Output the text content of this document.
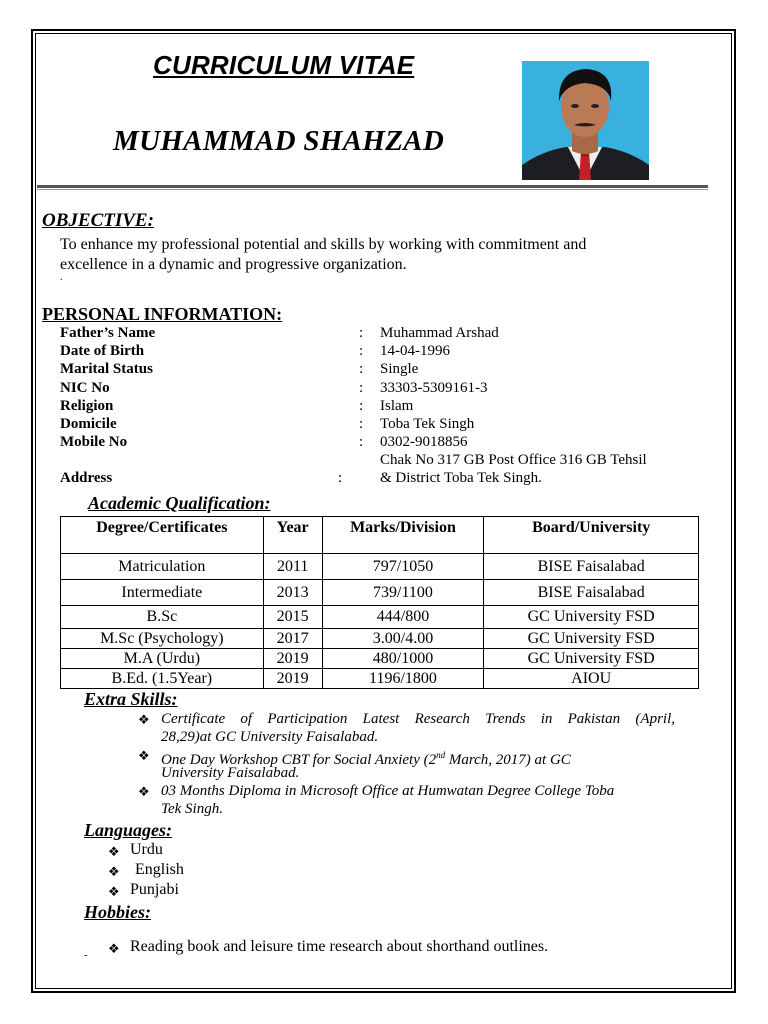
CURRICULUM VITAE
MUHAMMAD SHAHZAD
OBJECTIVE:
To enhance my professional potential and skills by working with commitment and
excellence in a dynamic and progressive organization.
.
PERSONAL INFORMATION:
Father’s Name	: Muhammad Arshad
Date of Birth	: 14-04-1996
Marital Status	: Single
NIC No	: 33303-5309161-3
Religion	: Islam
Domicile	: Toba Tek Singh
Mobile No	: 0302-9018856
Chak No 317 GB Post Office 316 GB Tehsil
Address	:	& District Toba Tek Singh.
Academic Qualification:
Degree/Certificates	Year	Marks/Division	Board/University
Matriculation	2011	797/1050	BISE Faisalabad
Intermediate	2013	739/1100	BISE Faisalabad
B.Sc	2015	444/800	GC University FSD
M.Sc (Psychology)	2017	3.00/4.00	GC University FSD
M.A (Urdu)	2019	480/1000	GC University FSD
B.Ed. (1.5Year)	2019	1196/1800	AIOU
Extra Skills:
❖ Certificate of Participation Latest Research Trends in Pakistan (April,
28,29)at GC University Faisalabad.
❖ One Day Workshop CBT for Social Anxiety (2nd March, 2017) at GC
University Faisalabad.
❖ 03 Months Diploma in Microsoft Office at Humwatan Degree College Toba
Tek Singh.
Languages:
❖ Urdu
❖ English
❖ Punjabi
Hobbies:
❖ Reading book and leisure time research about shorthand outlines.
-
